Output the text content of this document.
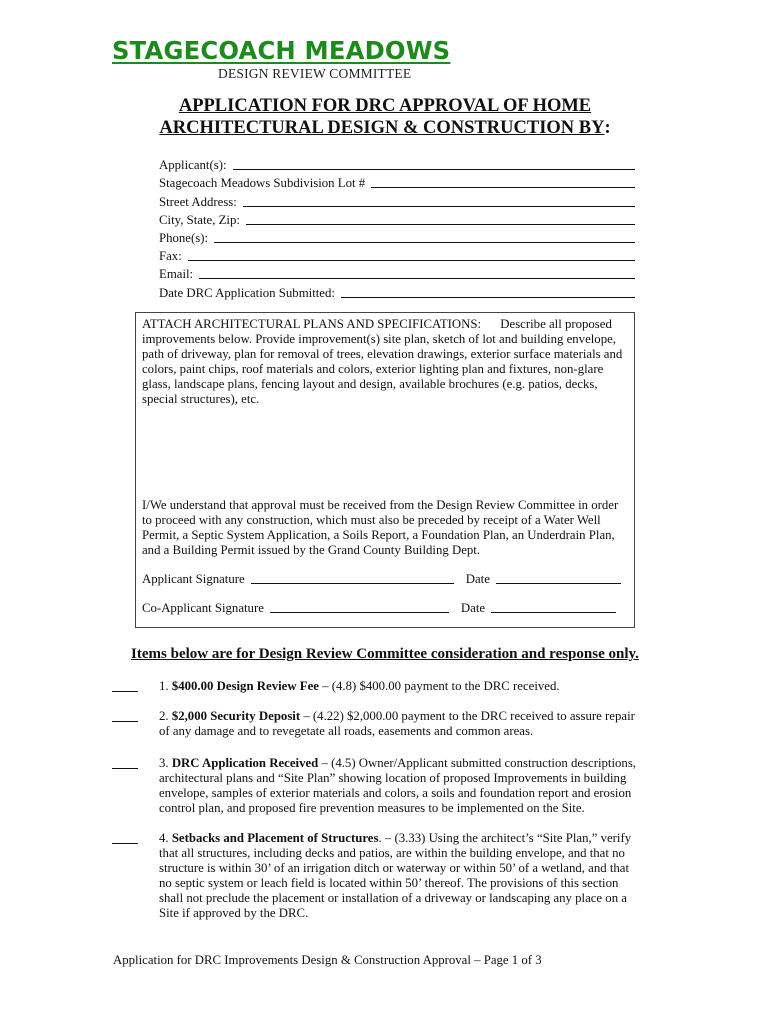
STAGECOACH MEADOWS
DESIGN REVIEW COMMITTEE
APPLICATION FOR DRC APPROVAL OF HOME
ARCHITECTURAL DESIGN & CONSTRUCTION BY:
Applicant(s):
Stagecoach Meadows Subdivision Lot #
Street Address:
City, State, Zip:
Phone(s):
Fax:
Email:
Date DRC Application Submitted:

ATTACH ARCHITECTURAL PLANS AND SPECIFICATIONS: Describe all proposed improvements below. Provide improvement(s) site plan, sketch of lot and building envelope, path of driveway, plan for removal of trees, elevation drawings, exterior surface materials and colors, paint chips, roof materials and colors, exterior lighting plan and fixtures, non-glare glass, landscape plans, fencing layout and design, available brochures (e.g. patios, decks, special structures), etc.

I/We understand that approval must be received from the Design Review Committee in order to proceed with any construction, which must also be preceded by receipt of a Water Well Permit, a Septic System Application, a Soils Report, a Foundation Plan, an Underdrain Plan, and a Building Permit issued by the Grand County Building Dept.

Applicant Signature	Date
Co-Applicant Signature	Date
Items below are for Design Review Committee consideration and response only.
1. $400.00 Design Review Fee – (4.8) $400.00 payment to the DRC received.
2. $2,000 Security Deposit – (4.22) $2,000.00 payment to the DRC received to assure repair of any damage and to revegetate all roads, easements and common areas.
3. DRC Application Received – (4.5) Owner/Applicant submitted construction descriptions, architectural plans and “Site Plan” showing location of proposed Improvements in building envelope, samples of exterior materials and colors, a soils and foundation report and erosion control plan, and proposed fire prevention measures to be implemented on the Site.
4. Setbacks and Placement of Structures. – (3.33) Using the architect’s “Site Plan,” verify that all structures, including decks and patios, are within the building envelope, and that no structure is within 30’ of an irrigation ditch or waterway or within 50’ of a wetland, and that no septic system or leach field is located within 50’ thereof. The provisions of this section shall not preclude the placement or installation of a driveway or landscaping any place on a Site if approved by the DRC.
Application for DRC Improvements Design & Construction Approval – Page 1 of 3
